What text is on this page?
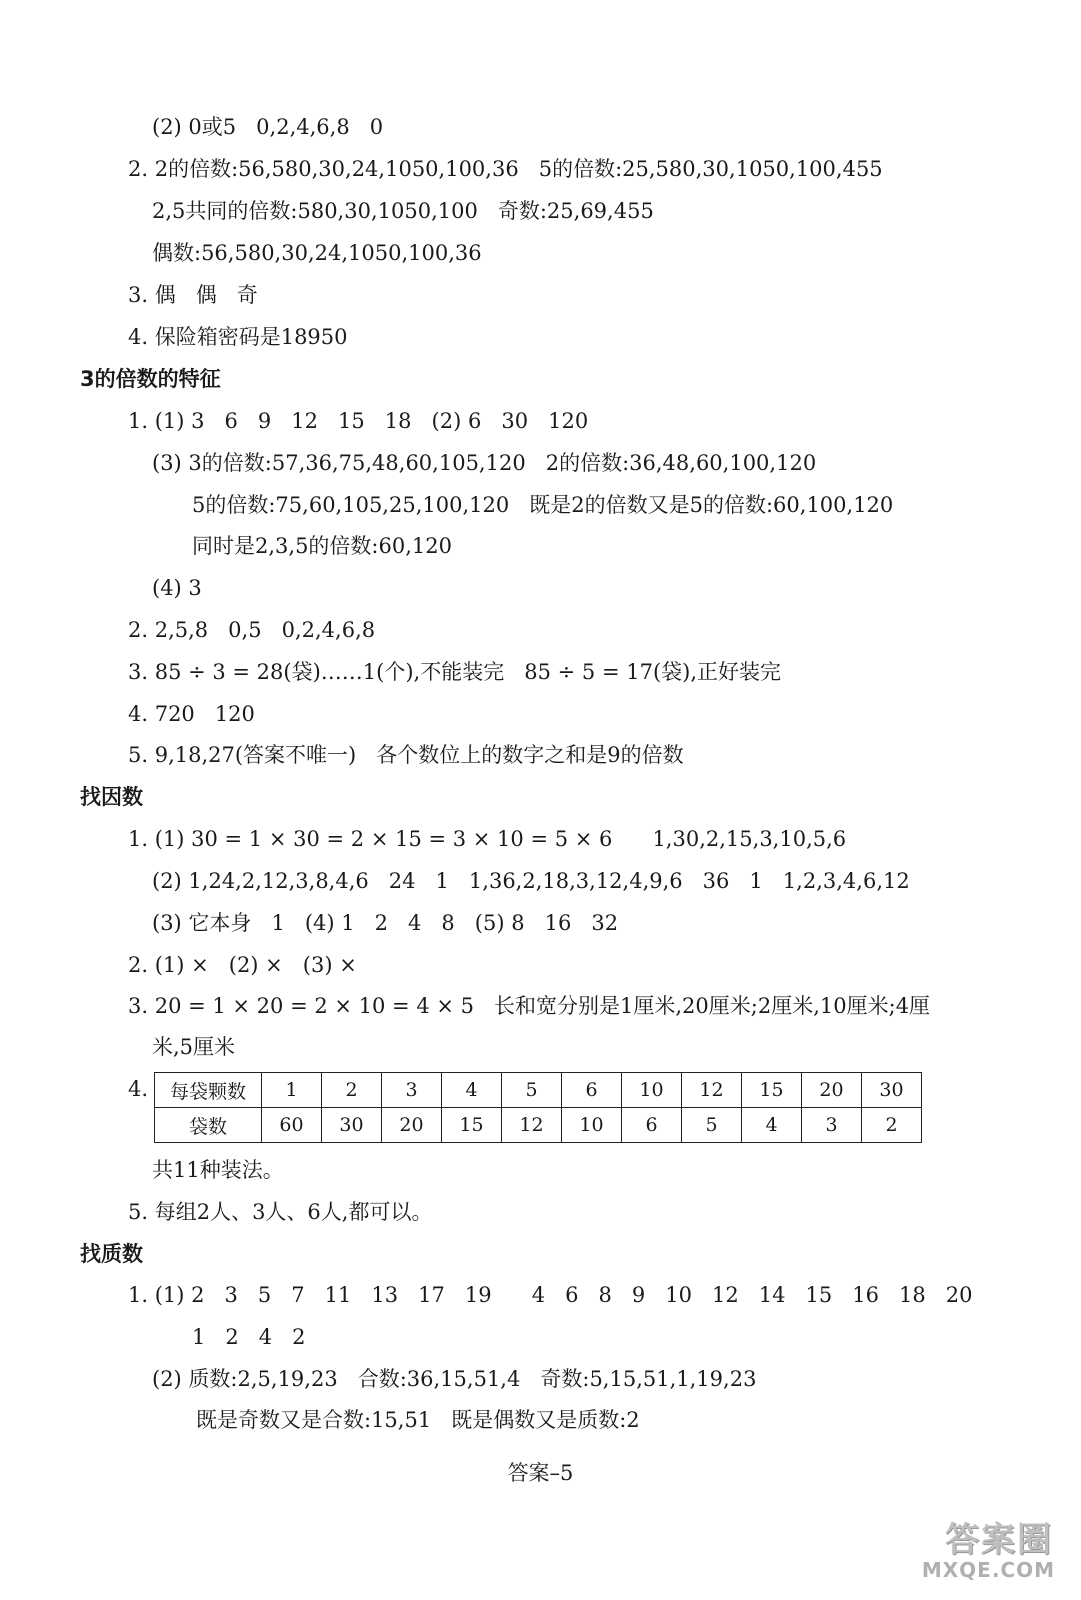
(2) 0或5   0,2,4,6,8   0
2. 2的倍数:56,580,30,24,1050,100,36   5的倍数:25,580,30,1050,100,455
2,5共同的倍数:580,30,1050,100   奇数:25,69,455
偶数:56,580,30,24,1050,100,36
3. 偶   偶   奇
4. 保险箱密码是18950
3的倍数的特征
1. (1) 3   6   9   12   15   18   (2) 6   30   120
(3) 3的倍数:57,36,75,48,60,105,120   2的倍数:36,48,60,100,120
5的倍数:75,60,105,25,100,120   既是2的倍数又是5的倍数:60,100,120
同时是2,3,5的倍数:60,120
(4) 3
2. 2,5,8   0,5   0,2,4,6,8
3. 85 ÷ 3 = 28(袋)……1(个),不能装完   85 ÷ 5 = 17(袋),正好装完
4. 720   120
5. 9,18,27(答案不唯一)   各个数位上的数字之和是9的倍数
找因数
1. (1) 30 = 1 × 30 = 2 × 15 = 3 × 10 = 5 × 6      1,30,2,15,3,10,5,6
(2) 1,24,2,12,3,8,4,6   24   1   1,36,2,18,3,12,4,9,6   36   1   1,2,3,4,6,12
(3) 它本身   1   (4) 1   2   4   8   (5) 8   16   32
2. (1) ×   (2) ×   (3) ×
3. 20 = 1 × 20 = 2 × 10 = 4 × 5   长和宽分别是1厘米,20厘米;2厘米,10厘米;4厘
米,5厘米
4. 每袋颗数	1	2	3	4	5	6	10	12	15	20	30
袋数	60	30	20	15	12	10	6	5	4	3	2
共11种装法。
5. 每组2人、3人、6人,都可以。
找质数
1. (1) 2   3   5   7   11   13   17   19      4   6   8   9   10   12   14   15   16   18   20
1   2   4   2
(2) 质数:2,5,19,23   合数:36,15,51,4   奇数:5,15,51,1,19,23
既是奇数又是合数:15,51   既是偶数又是质数:2
答案–5
答案圈
MXQE.COM
